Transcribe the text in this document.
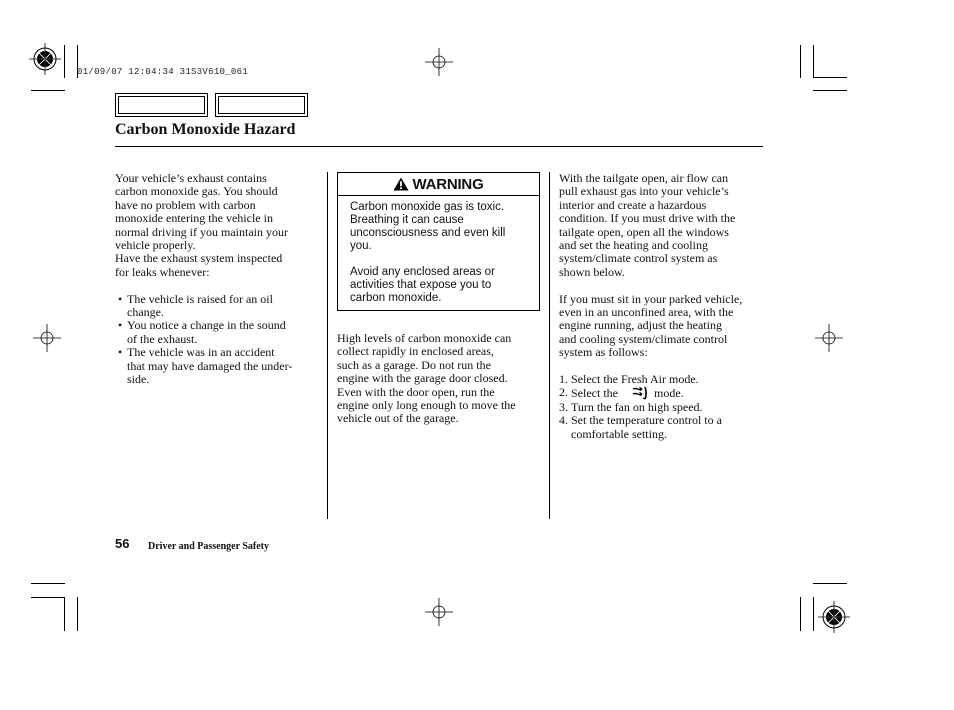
01/09/07 12:04:34 31S3V610_061
Carbon Monoxide Hazard

Your vehicle’s exhaust contains

carbon monoxide gas. You should

have no problem with carbon

monoxide entering the vehicle in

normal driving if you maintain your

vehicle properly.

Have the exhaust system inspected

for leaks whenever:

• The vehicle is raised for an oil

change.

• You notice a change in the sound

of the exhaust.

• The vehicle was in an accident

that may have damaged the under-

side.

WARNING

Carbon monoxide gas is toxic.

Breathing it can cause

unconsciousness and even kill

you.

Avoid any enclosed areas or

activities that expose you to

carbon monoxide.

High levels of carbon monoxide can

collect rapidly in enclosed areas,

such as a garage. Do not run the

engine with the garage door closed.

Even with the door open, run the

engine only long enough to move the

vehicle out of the garage.

With the tailgate open, air flow can

pull exhaust gas into your vehicle’s

interior and create a hazardous

condition. If you must drive with the

tailgate open, open all the windows

and set the heating and cooling

system/climate control system as

shown below.

If you must sit in your parked vehicle,

even in an unconfined area, with the

engine running, adjust the heating

and cooling system/climate control

system as follows:

1. Select the Fresh Air mode.

2. Select the	mode.

3. Turn the fan on high speed.

4. Set the temperature control to a

comfortable setting.

56 Driver and Passenger Safety
